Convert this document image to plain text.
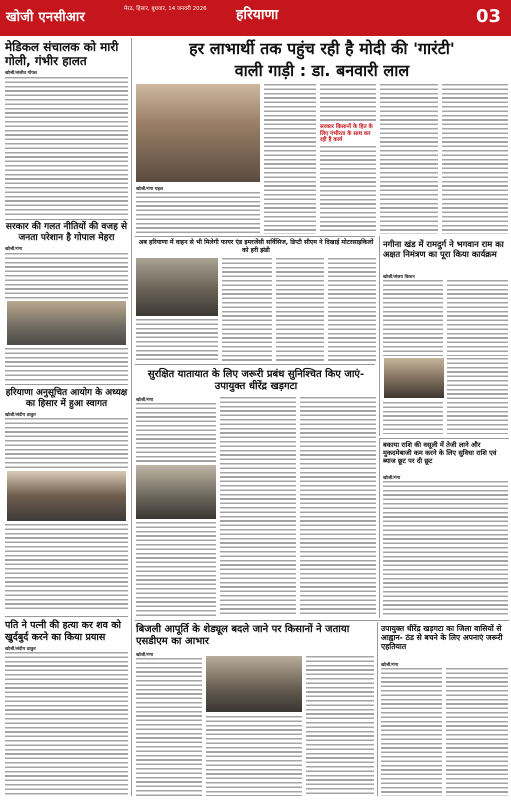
खोजी एनसीआर
मेरठ, हिसार, बुधवार, 14 जनवरी 2026	हरियाणा	03
मेडिकल संचालक को मारी गोली, गंभीर हालत
खोजी/संजीव गोयल
सरकार की गलत नीतियों की वजह से जनता परेशान है गोपाल मेहरा
खोजी/गंगा
हरियाणा अनुसूचित आयोग के अध्यक्ष का हिसार में हुआ स्वागत
खोजी/संदीप ठाकुर
पति ने पत्नी की हत्या कर शव को खुर्दबुर्द करने का किया प्रयास
खोजी/संदीप ठाकुर
हर लाभार्थी तक पहुंच रही है मोदी की 'गारंटी'
वाली गाड़ी : डा. बनवारी लाल
खोजी/गंगा चहल
सरकार किसानों के हित के लिए गंभीरता के साथ कर रही है कार्य
अब हरियाणा में वाहन से भी मिलेगी फायर एंड इमरजेंसी सर्विसिज, डिप्टी सीएम ने दिखाई मोटरसाइकिलों को हरी झंडी
नगीना खंड में रामदुर्ग ने भगवान राम का अक्षत निमंत्रण का पूरा किया कार्यक्रम
खोजी/संजय किशन
सुरक्षित यातायात के लिए जरूरी प्रबंध सुनिश्चित किए जाएं- उपायुक्त धीरेंद्र खड़गटा
खोजी/गंगा
बकाया राशि की वसूली में तेजी लाने और मुकदमेबाजी कम करने के लिए सुविधा राशि एवं ब्याज छूट पर दी छूट
खोजी/गंगा
बिजली आपूर्ति के शेड्यूल बदले जाने पर किसानों ने जताया एसडीएम का आभार
खोजी/गंगा
उपायुक्त धीरेंद्र खड़गटा का जिला वासियों से आह्वान- ठंड से बचने के लिए अपनाएं जरूरी एहतियात
खोजी/गंगा
